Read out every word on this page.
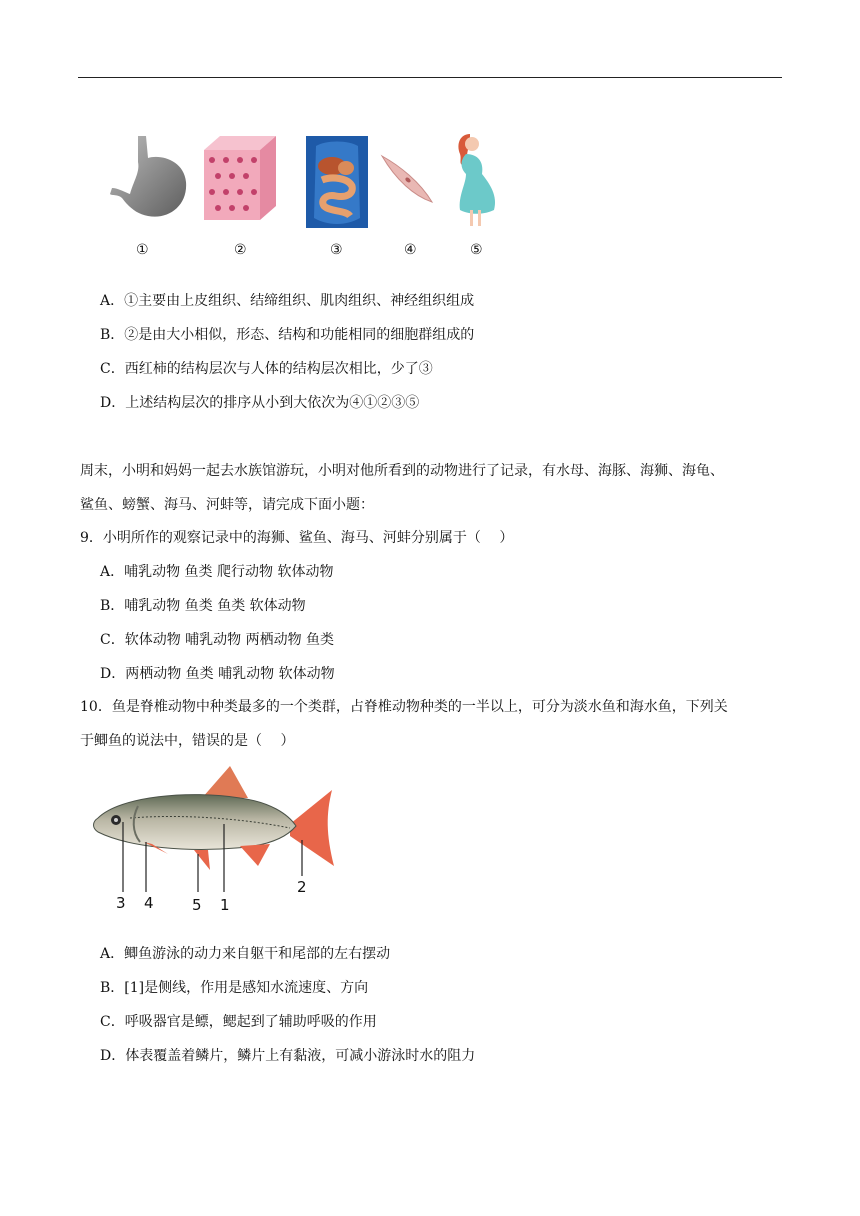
①	②	③	④	⑤
A．①主要由上皮组织、结缔组织、肌肉组织、神经组织组成
B．②是由大小相似，形态、结构和功能相同的细胞群组成的
C．西红柿的结构层次与人体的结构层次相比，少了③
D．上述结构层次的排序从小到大依次为④①②③⑤
周末，小明和妈妈一起去水族馆游玩，小明对他所看到的动物进行了记录，有水母、海豚、海狮、海龟、
鲨鱼、螃蟹、海马、河蚌等，请完成下面小题：
9．小明所作的观察记录中的海狮、鲨鱼、海马、河蚌分别属于（　 ）
A．哺乳动物 鱼类 爬行动物 软体动物
B．哺乳动物 鱼类 鱼类 软体动物
C．软体动物 哺乳动物 两栖动物 鱼类
D．两栖动物 鱼类 哺乳动物 软体动物
10．鱼是脊椎动物中种类最多的一个类群，占脊椎动物种类的一半以上，可分为淡水鱼和海水鱼，下列关
于鲫鱼的说法中，错误的是（　 ）
3 4	5 1
2
A．鲫鱼游泳的动力来自躯干和尾部的左右摆动
B．[1]是侧线，作用是感知水流速度、方向
C．呼吸器官是鳔，鳃起到了辅助呼吸的作用
D．体表覆盖着鳞片，鳞片上有黏液，可减小游泳时水的阻力
